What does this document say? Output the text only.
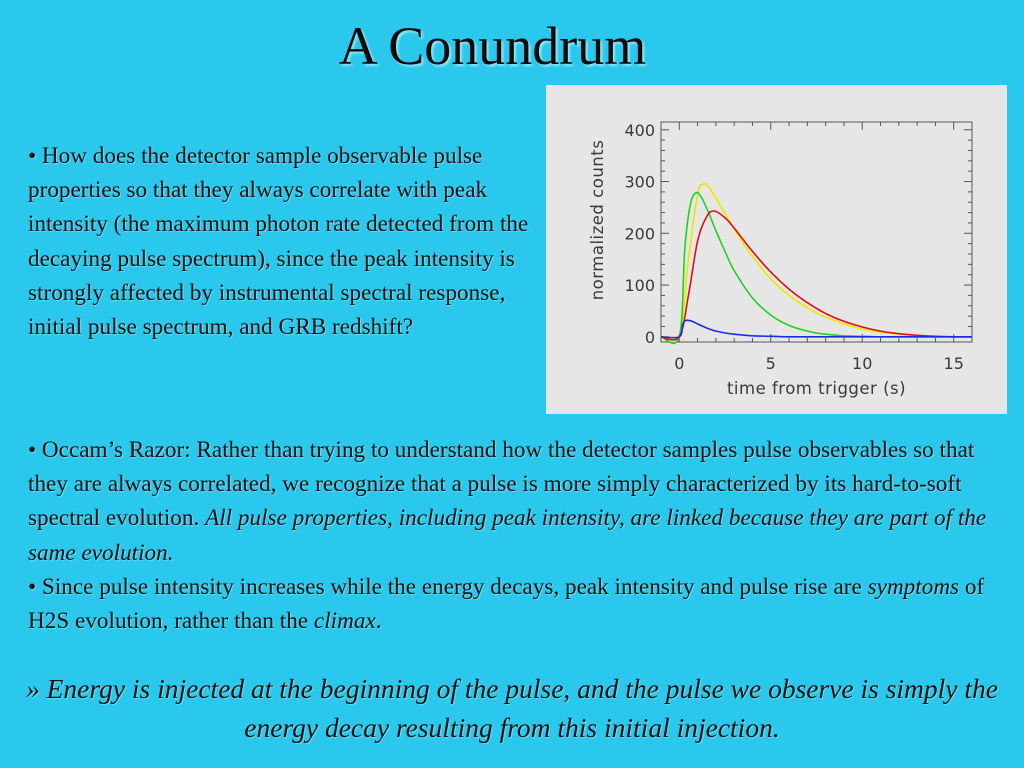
A Conundrum
• How does the detector sample observable pulse properties so that they always correlate with peak intensity (the maximum photon rate detected from the decaying pulse spectrum), since the peak intensity is strongly affected by instrumental spectral response, initial pulse spectrum, and GRB redshift?
0	5	10	15
0
100
200
300
400
time from trigger (s)
normalized counts

• Occam’s Razor: Rather than trying to understand how the detector samples pulse observables so that they are always correlated, we recognize that a pulse is more simply characterized by its hard-to-soft spectral evolution. All pulse properties, including peak intensity, are linked because they are part of the same evolution.

• Since pulse intensity increases while the energy decays, peak intensity and pulse rise are symptoms of H2S evolution, rather than the climax.

» Energy is injected at the beginning of the pulse, and the pulse we observe is simply the energy decay resulting from this initial injection.
